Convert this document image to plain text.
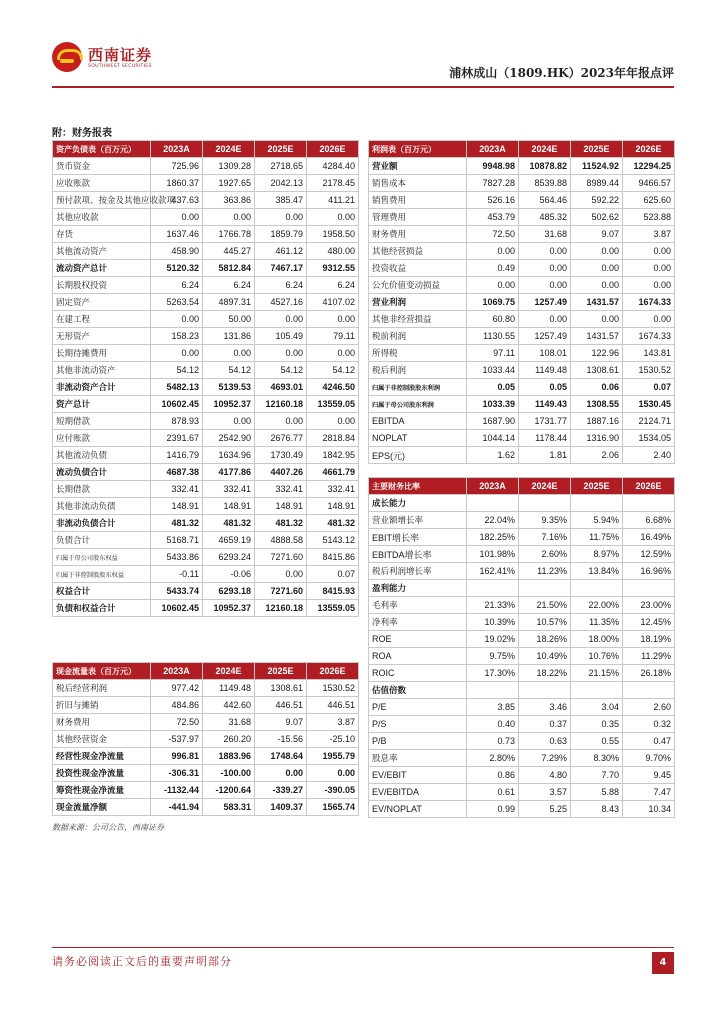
西南证券
SOUTHWEST SECURITIES	浦林成山（1809.HK）2023年年报点评
附：财务报表
资产负债表（百万元）	2023A	2024E	2025E	2026E
货币资金	725.96	1309.28	2718.65	4284.40
应收账款	1860.37	1927.65	2042.13	2178.45
预付款项、按金及其他应收款项	437.63	363.86	385.47	411.21
其他应收款	0.00	0.00	0.00	0.00
存货	1637.46	1766.78	1859.79	1958.50
其他流动资产	458.90	445.27	461.12	480.00
流动资产总计	5120.32	5812.84	7467.17	9312.55
长期股权投资	6.24	6.24	6.24	6.24
固定资产	5263.54	4897.31	4527.16	4107.02
在建工程	0.00	50.00	0.00	0.00
无形资产	158.23	131.86	105.49	79.11
长期待摊费用	0.00	0.00	0.00	0.00
其他非流动资产	54.12	54.12	54.12	54.12
非流动资产合计	5482.13	5139.53	4693.01	4246.50
资产总计	10602.45	10952.37	12160.18	13559.05
短期借款	878.93	0.00	0.00	0.00
应付账款	2391.67	2542.90	2676.77	2818.84
其他流动负债	1416.79	1634.96	1730.49	1842.95
流动负债合计	4687.38	4177.86	4407.26	4661.79
长期借款	332.41	332.41	332.41	332.41
其他非流动负债	148.91	148.91	148.91	148.91
非流动负债合计	481.32	481.32	481.32	481.32
负债合计	5168.71	4659.19	4888.58	5143.12
归属于母公司股东权益	5433.86	6293.24	7271.60	8415.86
归属于非控制股股东权益	-0.11	-0.06	0.00	0.07
权益合计	5433.74	6293.18	7271.60	8415.93
负债和权益合计	10602.45	10952.37	12160.18	13559.05
利润表（百万元）	2023A	2024E	2025E	2026E
营业额	9948.98	10878.82	11524.92	12294.25
销售成本	7827.28	8539.88	8989.44	9466.57
销售费用	526.16	564.46	592.22	625.60
管理费用	453.79	485.32	502.62	523.88
财务费用	72.50	31.68	9.07	3.87
其他经营损益	0.00	0.00	0.00	0.00
投资收益	0.49	0.00	0.00	0.00
公允价值变动损益	0.00	0.00	0.00	0.00
营业利润	1069.75	1257.49	1431.57	1674.33
其他非经营损益	60.80	0.00	0.00	0.00
税前利润	1130.55	1257.49	1431.57	1674.33
所得税	97.11	108.01	122.96	143.81
税后利润	1033.44	1149.48	1308.61	1530.52
归属于非控制股股东利润	0.05	0.05	0.06	0.07
归属于母公司股东利润	1033.39	1149.43	1308.55	1530.45
EBITDA	1687.90	1731.77	1887.16	2124.71
NOPLAT	1044.14	1178.44	1316.90	1534.05
EPS(元)	1.62	1.81	2.06	2.40
主要财务比率	2023A	2024E	2025E	2026E
成长能力				
营业额增长率	22.04%	9.35%	5.94%	6.68%
EBIT增长率	182.25%	7.16%	11.75%	16.49%
EBITDA增长率	101.98%	2.60%	8.97%	12.59%
税后利润增长率	162.41%	11.23%	13.84%	16.96%
盈利能力				
毛利率	21.33%	21.50%	22.00%	23.00%
净利率	10.39%	10.57%	11.35%	12.45%
ROE	19.02%	18.26%	18.00%	18.19%
ROA	9.75%	10.49%	10.76%	11.29%
ROIC	17.30%	18.22%	21.15%	26.18%
估值倍数				
P/E	3.85	3.46	3.04	2.60
P/S	0.40	0.37	0.35	0.32
P/B	0.73	0.63	0.55	0.47
股息率	2.80%	7.29%	8.30%	9.70%
EV/EBIT	0.86	4.80	7.70	9.45
EV/EBITDA	0.61	3.57	5.88	7.47
EV/NOPLAT	0.99	5.25	8.43	10.34
现金流量表（百万元）	2023A	2024E	2025E	2026E
税后经营利润	977.42	1149.48	1308.61	1530.52
折旧与摊销	484.86	442.60	446.51	446.51
财务费用	72.50	31.68	9.07	3.87
其他经营资金	-537.97	260.20	-15.56	-25.10
经营性现金净流量	996.81	1883.96	1748.64	1955.79
投资性现金净流量	-306.31	-100.00	0.00	0.00
筹资性现金净流量	-1132.44	-1200.64	-339.27	-390.05
现金流量净额	-441.94	583.31	1409.37	1565.74
数据来源：公司公告，西南证券
请务必阅读正文后的重要声明部分	4
